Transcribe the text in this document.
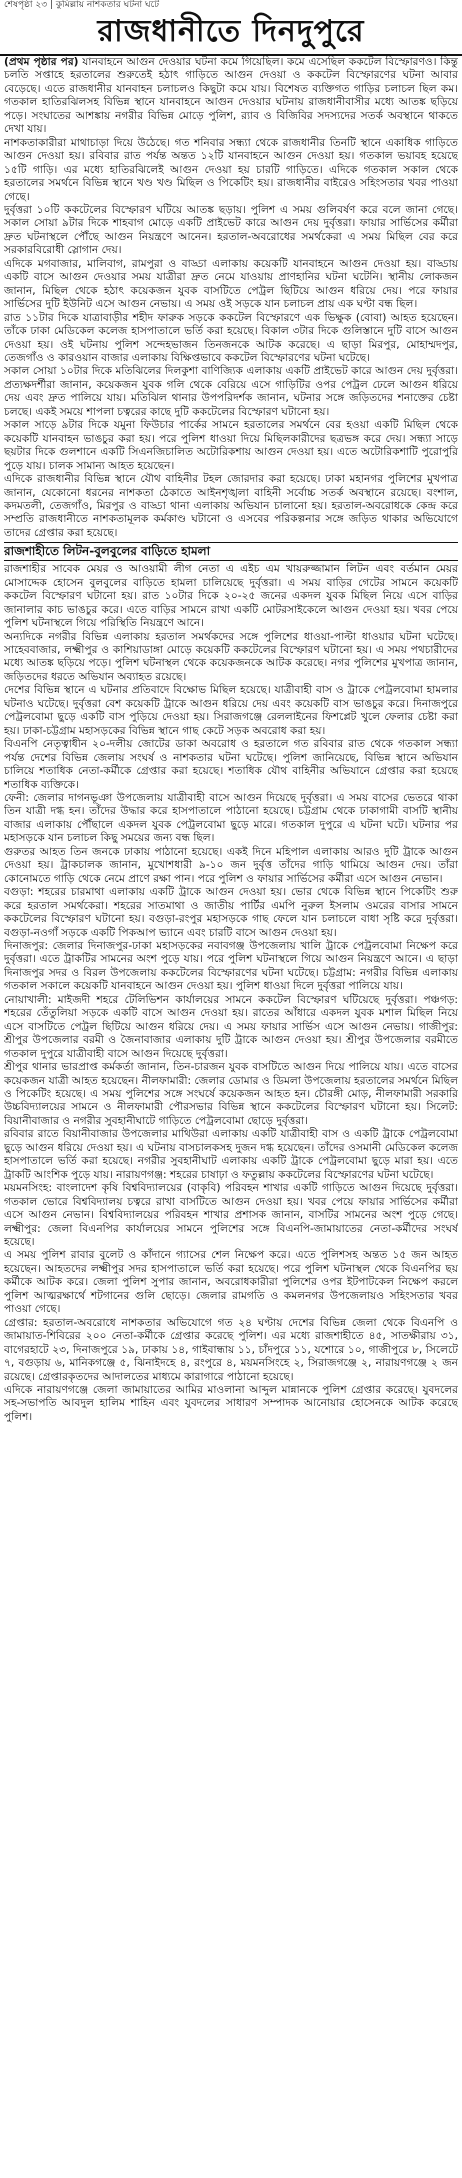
শেষপৃষ্ঠা ২৩ | কুমিল্লায় নাশকতার ঘটনা ঘটে
রাজধানীতে দিনদুপুরে

(প্রথম পৃষ্ঠার পর) যানবাহনে আগুন দেওয়ার ঘটনা কমে গিয়েছিল। কমে এসেছিল ককটেল বিস্ফোরণও। কিন্তু চলতি সপ্তাহে হরতালের শুরুতেই হঠাৎ গাড়িতে আগুন দেওয়া ও ককটেল বিস্ফোরণের ঘটনা আবার বেড়েছে। এতে রাজধানীর যানবাহন চলাচলও কিছুটা কমে যায়। বিশেষত ব্যক্তিগত গাড়ির চলাচল ছিল কম। গতকাল হাতিরঝিলসহ বিভিন্ন স্থানে যানবাহনে আগুন দেওয়ার ঘটনায় রাজধানীবাসীর মধ্যে আতঙ্ক ছড়িয়ে পড়ে। সংঘাতের আশঙ্কায় নগরীর বিভিন্ন মোড়ে পুলিশ, র‍্যাব ও বিজিবির সদস্যদের সতর্ক অবস্থানে থাকতে দেখা যায়।

নাশকতাকারীরা মাথাচাড়া দিয়ে উঠেছে। গত শনিবার সন্ধ্যা থেকে রাজধানীর তিনটি স্থানে একাধিক গাড়িতে আগুন দেওয়া হয়। রবিবার রাত পর্যন্ত অন্তত ১২টি যানবাহনে আগুন দেওয়া হয়। গতকাল ভয়াবহ হয়েছে ১৫টি গাড়ি। এর মধ্যে হাতিরঝিলেই আগুন দেওয়া হয় চারটি গাড়িতে। এদিকে গতকাল সকাল থেকে হরতালের সমর্থনে বিভিন্ন স্থানে খণ্ড খণ্ড মিছিল ও পিকেটিং হয়। রাজধানীর বাইরেও সহিংসতার খবর পাওয়া গেছে।

দুর্বৃত্তরা ১০টি ককটেলের বিস্ফোরণ ঘটিয়ে আতঙ্ক ছড়ায়। পুলিশ এ সময় গুলিবর্ষণ করে বলে জানা গেছে। সকাল সোয়া ৯টার দিকে শাহবাগ মোড়ে একটি প্রাইভেট কারে আগুন দেয় দুর্বৃত্তরা। ফায়ার সার্ভিসের কর্মীরা দ্রুত ঘটনাস্থলে পৌঁছে আগুন নিয়ন্ত্রণে আনেন। হরতাল-অবরোধের সমর্থকেরা এ সময় মিছিল বের করে সরকারবিরোধী স্লোগান দেয়।

এদিকে মগবাজার, মালিবাগ, রামপুরা ও বাড্ডা এলাকায় কয়েকটি যানবাহনে আগুন দেওয়া হয়। বাড্ডায় একটি বাসে আগুন দেওয়ার সময় যাত্রীরা দ্রুত নেমে যাওয়ায় প্রাণহানির ঘটনা ঘটেনি। স্থানীয় লোকজন জানান, মিছিল থেকে হঠাৎ কয়েকজন যুবক বাসটিতে পেট্রল ছিটিয়ে আগুন ধরিয়ে দেয়। পরে ফায়ার সার্ভিসের দুটি ইউনিট এসে আগুন নেভায়। এ সময় ওই সড়কে যান চলাচল প্রায় এক ঘণ্টা বন্ধ ছিল।

রাত ১১টার দিকে যাত্রাবাড়ীর শহীদ ফারুক সড়কে ককটেল বিস্ফোরণে এক ভিক্ষুক (বোবা) আহত হয়েছেন। তাঁকে ঢাকা মেডিকেল কলেজ হাসপাতালে ভর্তি করা হয়েছে। বিকাল ৩টার দিকে গুলিস্তানে দুটি বাসে আগুন দেওয়া হয়। ওই ঘটনায় পুলিশ সন্দেহভাজন তিনজনকে আটক করেছে। এ ছাড়া মিরপুর, মোহাম্মদপুর, তেজগাঁও ও কারওয়ান বাজার এলাকায় বিক্ষিপ্তভাবে ককটেল বিস্ফোরণের ঘটনা ঘটেছে।

সকাল সোয়া ১০টার দিকে মতিঝিলের দিলকুশা বাণিজ্যিক এলাকায় একটি প্রাইভেট কারে আগুন দেয় দুর্বৃত্তরা। প্রত্যক্ষদর্শীরা জানান, কয়েকজন যুবক গলি থেকে বেরিয়ে এসে গাড়িটির ওপর পেট্রল ঢেলে আগুন ধরিয়ে দেয় এবং দ্রুত পালিয়ে যায়। মতিঝিল থানার উপপরিদর্শক জানান, ঘটনার সঙ্গে জড়িতদের শনাক্তের চেষ্টা চলছে। একই সময়ে শাপলা চত্বরের কাছে দুটি ককটেলের বিস্ফোরণ ঘটানো হয়।

সকাল সাড়ে ৯টার দিকে যমুনা ফিউচার পার্কের সামনে হরতালের সমর্থনে বের হওয়া একটি মিছিল থেকে কয়েকটি যানবাহন ভাঙচুর করা হয়। পরে পুলিশ ধাওয়া দিয়ে মিছিলকারীদের ছত্রভঙ্গ করে দেয়। সন্ধ্যা সাড়ে ছয়টার দিকে গুলশানে একটি সিএনজিচালিত অটোরিকশায় আগুন দেওয়া হয়। এতে অটোরিকশাটি পুরোপুরি পুড়ে যায়। চালক সামান্য আহত হয়েছেন।

এদিকে রাজধানীর বিভিন্ন স্থানে যৌথ বাহিনীর টহল জোরদার করা হয়েছে। ঢাকা মহানগর পুলিশের মুখপাত্র জানান, যেকোনো ধরনের নাশকতা ঠেকাতে আইনশৃঙ্খলা বাহিনী সর্বোচ্চ সতর্ক অবস্থানে রয়েছে। বংশাল, কদমতলী, তেজগাঁও, মিরপুর ও বাড্ডা থানা এলাকায় অভিযান চালানো হয়। হরতাল-অবরোধকে কেন্দ্র করে সম্প্রতি রাজধানীতে নাশকতামূলক কর্মকাণ্ড ঘটানো ও এসবের পরিকল্পনার সঙ্গে জড়িত থাকার অভিযোগে তাদের গ্রেপ্তার করা হয়েছে।

রাজশাহীতে লিটন-বুলবুলের বাড়িতে হামলা

রাজশাহীর সাবেক মেয়র ও আওয়ামী লীগ নেতা এ এইচ এম খায়রুজ্জামান লিটন এবং বর্তমান মেয়র মোসাদ্দেক হোসেন বুলবুলের বাড়িতে হামলা চালিয়েছে দুর্বৃত্তরা। এ সময় বাড়ির গেটের সামনে কয়েকটি ককটেল বিস্ফোরণ ঘটানো হয়। রাত ১০টার দিকে ২০-২৫ জনের একদল যুবক মিছিল নিয়ে এসে বাড়ির জানালার কাচ ভাঙচুর করে। এতে বাড়ির সামনে রাখা একটি মোটরসাইকেলে আগুন দেওয়া হয়। খবর পেয়ে পুলিশ ঘটনাস্থলে গিয়ে পরিস্থিতি নিয়ন্ত্রণে আনে।

অন্যদিকে নগরীর বিভিন্ন এলাকায় হরতাল সমর্থকদের সঙ্গে পুলিশের ধাওয়া-পাল্টা ধাওয়ার ঘটনা ঘটেছে। সাহেববাজার, লক্ষ্মীপুর ও কাশিয়াডাঙ্গা মোড়ে কয়েকটি ককটেলের বিস্ফোরণ ঘটানো হয়। এ সময় পথচারীদের মধ্যে আতঙ্ক ছড়িয়ে পড়ে। পুলিশ ঘটনাস্থল থেকে কয়েকজনকে আটক করেছে। নগর পুলিশের মুখপাত্র জানান, জড়িতদের ধরতে অভিযান অব্যাহত রয়েছে।

দেশের বিভিন্ন স্থানে এ ঘটনার প্রতিবাদে বিক্ষোভ মিছিল হয়েছে। যাত্রীবাহী বাস ও ট্রাকে পেট্রলবোমা হামলার ঘটনাও ঘটেছে। দুর্বৃত্তরা বেশ কয়েকটি ট্রাকে আগুন ধরিয়ে দেয় এবং কয়েকটি বাস ভাঙচুর করে। দিনাজপুরে পেট্রলবোমা ছুড়ে একটি বাস পুড়িয়ে দেওয়া হয়। সিরাজগঞ্জে রেললাইনের ফিশপ্লেট খুলে ফেলার চেষ্টা করা হয়। ঢাকা-চট্টগ্রাম মহাসড়কের বিভিন্ন স্থানে গাছ কেটে সড়ক অবরোধ করা হয়।

বিএনপি নেতৃত্বাধীন ২০-দলীয় জোটের ডাকা অবরোধ ও হরতালে গত রবিবার রাত থেকে গতকাল সন্ধ্যা পর্যন্ত দেশের বিভিন্ন জেলায় সংঘর্ষ ও নাশকতার ঘটনা ঘটেছে। পুলিশ জানিয়েছে, বিভিন্ন স্থানে অভিযান চালিয়ে শতাধিক নেতা-কর্মীকে গ্রেপ্তার করা হয়েছে। শতাধিক যৌথ বাহিনীর অভিযানে গ্রেপ্তার করা হয়েছে শতাধিক ব্যক্তিকে।

ফেনী: জেলার দাগনভূঞা উপজেলায় যাত্রীবাহী বাসে আগুন দিয়েছে দুর্বৃত্তরা। এ সময় বাসের ভেতরে থাকা তিন যাত্রী দগ্ধ হন। তাঁদের উদ্ধার করে হাসপাতালে পাঠানো হয়েছে। চট্টগ্রাম থেকে ঢাকাগামী বাসটি স্থানীয় বাজার এলাকায় পৌঁছালে একদল যুবক পেট্রলবোমা ছুড়ে মারে। গতকাল দুপুরে এ ঘটনা ঘটে। ঘটনার পর মহাসড়কে যান চলাচল কিছু সময়ের জন্য বন্ধ ছিল।

গুরুতর আহত তিন জনকে ঢাকায় পাঠানো হয়েছে। একই দিনে মহিপাল এলাকায় আরও দুটি ট্রাকে আগুন দেওয়া হয়। ট্রাকচালক জানান, মুখোশধারী ৯-১০ জন দুর্বৃত্ত তাঁদের গাড়ি থামিয়ে আগুন দেয়। তাঁরা কোনোমতে গাড়ি থেকে নেমে প্রাণে রক্ষা পান। পরে পুলিশ ও ফায়ার সার্ভিসের কর্মীরা এসে আগুন নেভান।

বগুড়া: শহরের চারমাথা এলাকায় একটি ট্রাকে আগুন দেওয়া হয়। ভোর থেকে বিভিন্ন স্থানে পিকেটিং শুরু করে হরতাল সমর্থকেরা। শহরের সাতমাথা ও জাতীয় পার্টির এমপি নুরুল ইসলাম ওমরের বাসার সামনে ককটেলের বিস্ফোরণ ঘটানো হয়। বগুড়া-রংপুর মহাসড়কে গাছ ফেলে যান চলাচলে বাধা সৃষ্টি করে দুর্বৃত্তরা। বগুড়া-নওগাঁ সড়কে একটি পিকআপ ভ্যানে এবং চারটি বাসে আগুন দেওয়া হয়।

দিনাজপুর: জেলার দিনাজপুর-ঢাকা মহাসড়কের নবাবগঞ্জ উপজেলায় খালি ট্রাকে পেট্রলবোমা নিক্ষেপ করে দুর্বৃত্তরা। এতে ট্রাকটির সামনের অংশ পুড়ে যায়। পরে পুলিশ ঘটনাস্থলে গিয়ে আগুন নিয়ন্ত্রণে আনে। এ ছাড়া দিনাজপুর সদর ও বিরল উপজেলায় ককটেলের বিস্ফোরণের ঘটনা ঘটেছে। চট্টগ্রাম: নগরীর বিভিন্ন এলাকায় গতকাল সকালে কয়েকটি যানবাহনে আগুন দেওয়া হয়। পুলিশ ধাওয়া দিলে দুর্বৃত্তরা পালিয়ে যায়।

নোয়াখালী: মাইজদী শহরে টেলিভিশন কার্যালয়ের সামনে ককটেল বিস্ফোরণ ঘটিয়েছে দুর্বৃত্তরা। পঞ্চগড়: শহরের তেঁতুলিয়া সড়কে একটি বাসে আগুন দেওয়া হয়। রাতের আঁধারে একদল যুবক মশাল মিছিল নিয়ে এসে বাসটিতে পেট্রল ছিটিয়ে আগুন ধরিয়ে দেয়। এ সময় ফায়ার সার্ভিস এসে আগুন নেভায়। গাজীপুর: শ্রীপুর উপজেলার বরমী ও জৈনাবাজার এলাকায় দুটি ট্রাকে আগুন দেওয়া হয়। শ্রীপুর উপজেলার বরমীতে গতকাল দুপুরে যাত্রীবাহী বাসে আগুন দিয়েছে দুর্বৃত্তরা।

শ্রীপুর থানার ভারপ্রাপ্ত কর্মকর্তা জানান, তিন-চারজন যুবক বাসটিতে আগুন দিয়ে পালিয়ে যায়। এতে বাসের কয়েকজন যাত্রী আহত হয়েছেন। নীলফামারী: জেলার ডোমার ও ডিমলা উপজেলায় হরতালের সমর্থনে মিছিল ও পিকেটিং হয়েছে। এ সময় পুলিশের সঙ্গে সংঘর্ষে কয়েকজন আহত হন। চৌরঙ্গী মোড়, নীলফামারী সরকারি উচ্চবিদ্যালয়ের সামনে ও নীলফামারী পৌরসভার বিভিন্ন স্থানে ককটেলের বিস্ফোরণ ঘটানো হয়। সিলেট: বিয়ানীবাজার ও নগরীর সুবহানীঘাটে গাড়িতে পেট্রলবোমা ছোড়ে দুর্বৃত্তরা।

রবিবার রাতে বিয়ানীবাজার উপজেলার মাথিউরা এলাকায় একটি যাত্রীবাহী বাস ও একটি ট্রাকে পেট্রলবোমা ছুড়ে আগুন ধরিয়ে দেওয়া হয়। এ ঘটনায় বাসচালকসহ দুজন দগ্ধ হয়েছেন। তাঁদের ওসমানী মেডিকেল কলেজ হাসপাতালে ভর্তি করা হয়েছে। নগরীর সুবহানীঘাট এলাকায় একটি ট্রাকে পেট্রলবোমা ছুড়ে মারা হয়। এতে ট্রাকটি আংশিক পুড়ে যায়। নারায়ণগঞ্জ: শহরের চাষাঢ়া ও ফতুল্লায় ককটেলের বিস্ফোরণের ঘটনা ঘটেছে।

ময়মনসিংহ: বাংলাদেশ কৃষি বিশ্ববিদ্যালয়ের (বাকৃবি) পরিবহন শাখার একটি গাড়িতে আগুন দিয়েছে দুর্বৃত্তরা। গতকাল ভোরে বিশ্ববিদ্যালয় চত্বরে রাখা বাসটিতে আগুন দেওয়া হয়। খবর পেয়ে ফায়ার সার্ভিসের কর্মীরা এসে আগুন নেভান। বিশ্ববিদ্যালয়ের পরিবহন শাখার প্রশাসক জানান, বাসটির সামনের অংশ পুড়ে গেছে। লক্ষ্মীপুর: জেলা বিএনপির কার্যালয়ের সামনে পুলিশের সঙ্গে বিএনপি-জামায়াতের নেতা-কর্মীদের সংঘর্ষ হয়েছে।

এ সময় পুলিশ রাবার বুলেট ও কাঁদানে গ্যাসের শেল নিক্ষেপ করে। এতে পুলিশসহ অন্তত ১৫ জন আহত হয়েছেন। আহতদের লক্ষ্মীপুর সদর হাসপাতালে ভর্তি করা হয়েছে। পরে পুলিশ ঘটনাস্থল থেকে বিএনপির ছয় কর্মীকে আটক করে। জেলা পুলিশ সুপার জানান, অবরোধকারীরা পুলিশের ওপর ইটপাটকেল নিক্ষেপ করলে পুলিশ আত্মরক্ষার্থে শটগানের গুলি ছোড়ে। জেলার রামগতি ও কমলনগর উপজেলায়ও সহিংসতার খবর পাওয়া গেছে।

গ্রেপ্তার: হরতাল-অবরোধে নাশকতার অভিযোগে গত ২৪ ঘণ্টায় দেশের বিভিন্ন জেলা থেকে বিএনপি ও জামায়াত-শিবিরের ২০০ নেতা-কর্মীকে গ্রেপ্তার করেছে পুলিশ। এর মধ্যে রাজশাহীতে ৪৫, সাতক্ষীরায় ৩১, বাগেরহাটে ২৩, দিনাজপুরে ১৯, ঢাকায় ১৪, গাইবান্ধায় ১১, চাঁদপুরে ১১, যশোরে ১০, গাজীপুরে ৮, সিলেটে ৭, বগুড়ায় ৬, মানিকগঞ্জে ৫, ঝিনাইদহে ৪, রংপুরে ৪, ময়মনসিংহে ২, সিরাজগঞ্জে ২, নারায়ণগঞ্জে ২ জন রয়েছে। গ্রেপ্তারকৃতদের আদালতের মাধ্যমে কারাগারে পাঠানো হয়েছে।

এদিকে নারায়ণগঞ্জে জেলা জামায়াতের আমির মাওলানা আব্দুল মান্নানকে পুলিশ গ্রেপ্তার করেছে। যুবদলের সহ-সভাপতি আবদুল হালিম শাহিন এবং যুবদলের সাধারণ সম্পাদক আনোয়ার হোসেনকে আটক করেছে পুলিশ।
